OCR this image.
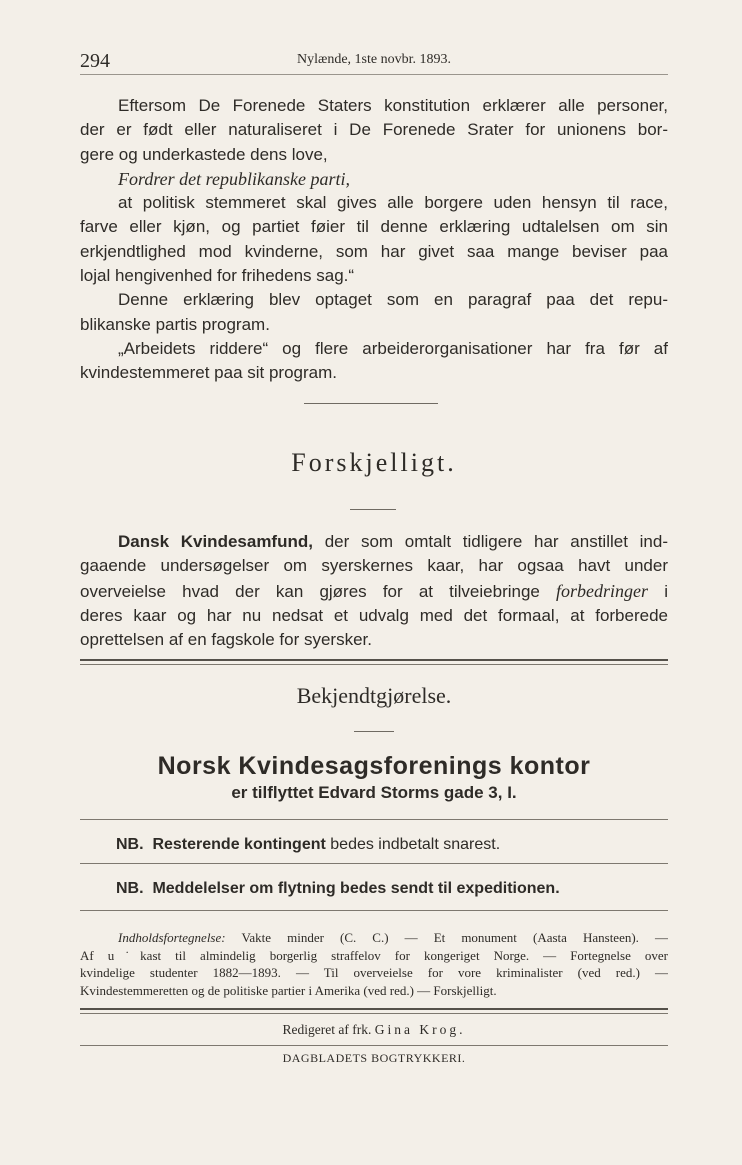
294	Nylænde, 1ste novbr. 1893.
Eftersom De Forenede Staters konstitution erklærer alle personer,
der er født eller naturaliseret i De Forenede Srater for unionens bor-
gere og underkastede dens love,
Fordrer det republikanske parti,
at politisk stemmeret skal gives alle borgere uden hensyn til race,
farve eller kjøn, og partiet føier til denne erklæring udtalelsen om sin
erkjendtlighed mod kvinderne, som har givet saa mange beviser paa
lojal hengivenhed for frihedens sag.“
Denne erklæring blev optaget som en paragraf paa det repu-
blikanske partis program.
„Arbeidets riddere“ og flere arbeiderorganisationer har fra før af
kvindestemmeret paa sit program.
Forskjelligt.
Dansk Kvindesamfund, der som omtalt tidligere har anstillet ind-
gaaende undersøgelser om syerskernes kaar, har ogsaa havt under
overveielse hvad der kan gjøres for at tilveiebringe forbedringer i
deres kaar og har nu nedsat et udvalg med det formaal, at forberede
oprettelsen af en fagskole for syersker.
Bekjendtgjørelse.
Norsk Kvindesagsforenings kontor
er tilflyttet Edvard Storms gade 3, I.
NB. Resterende kontingent bedes indbetalt snarest.
NB. Meddelelser om flytning bedes sendt til expeditionen.
Indholdsfortegnelse: Vakte minder (C. C.) — Et monument (Aasta Hansteen). —
Af u˙kast til almindelig borgerlig straffelov for kongeriget Norge. — Fortegnelse over
kvindelige studenter 1882—1893. — Til overveielse for vore kriminalister (ved red.) —
Kvindestemmeretten og de politiske partier i Amerika (ved red.) — Forskjelligt.
Redigeret af frk. Gina Krog.
DAGBLADETS BOGTRYKKERI.
